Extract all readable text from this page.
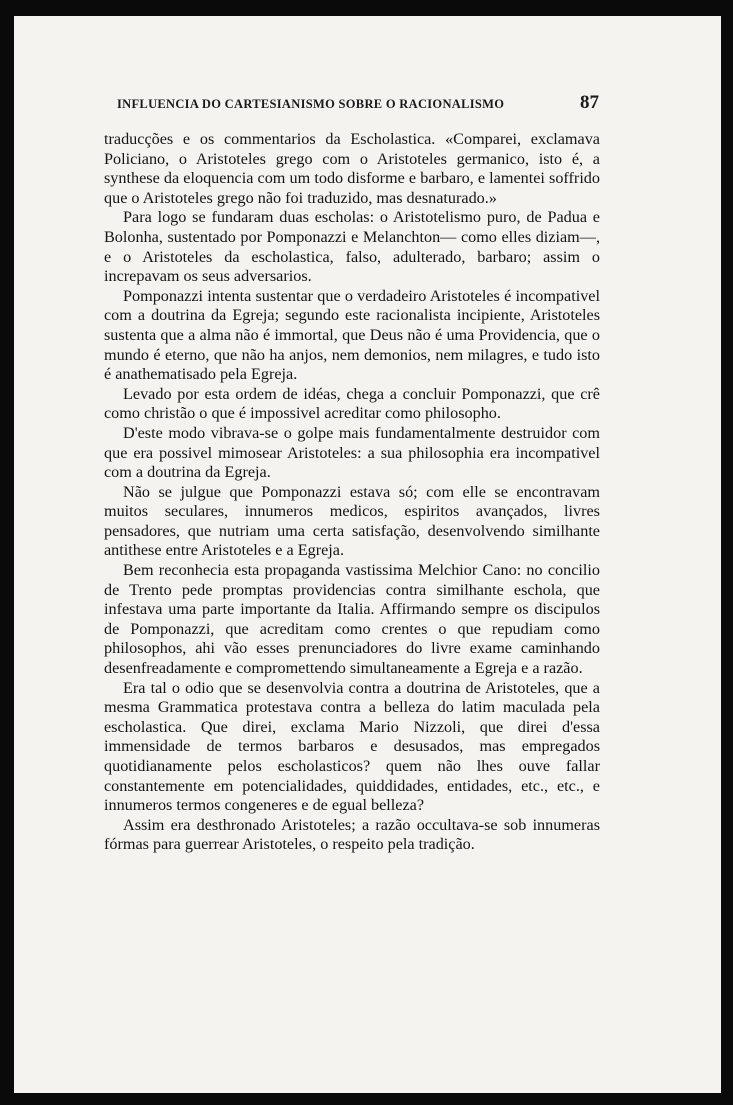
INFLUENCIA DO CARTESIANISMO SOBRE O RACIONALISMO	87

traducções e os commentarios da Escholastica. «Comparei, exclamava Policiano, o Aristoteles grego com o Aristoteles germanico, isto é, a synthese da eloquencia com um todo disforme e barbaro, e lamentei soffrido que o Aristoteles grego não foi traduzido, mas desnaturado.»

Para logo se fundaram duas escholas: o Aristotelismo puro, de Padua e Bolonha, sustentado por Pomponazzi e Melanchton— como elles diziam—, e o Aristoteles da escholastica, falso, adulterado, barbaro; assim o increpavam os seus adversarios.

Pomponazzi intenta sustentar que o verdadeiro Aristoteles é incompativel com a doutrina da Egreja; segundo este racionalista incipiente, Aristoteles sustenta que a alma não é immortal, que Deus não é uma Providencia, que o mundo é eterno, que não ha anjos, nem demonios, nem milagres, e tudo isto é anathematisado pela Egreja.

Levado por esta ordem de idéas, chega a concluir Pomponazzi, que crê como christão o que é impossivel acreditar como philosopho.

D'este modo vibrava-se o golpe mais fundamentalmente destruidor com que era possivel mimosear Aristoteles: a sua philosophia era incompativel com a doutrina da Egreja.

Não se julgue que Pomponazzi estava só; com elle se encontravam muitos seculares, innumeros medicos, espiritos avançados, livres pensadores, que nutriam uma certa satisfação, desenvolvendo similhante antithese entre Aristoteles e a Egreja.

Bem reconhecia esta propaganda vastissima Melchior Cano: no concilio de Trento pede promptas providencias contra similhante eschola, que infestava uma parte importante da Italia. Affirmando sempre os discipulos de Pomponazzi, que acreditam como crentes o que repudiam como philosophos, ahi vão esses prenunciadores do livre exame caminhando desenfreadamente e compromettendo simultaneamente a Egreja e a razão.

Era tal o odio que se desenvolvia contra a doutrina de Aristoteles, que a mesma Grammatica protestava contra a belleza do latim maculada pela escholastica. Que direi, exclama Mario Nizzoli, que direi d'essa immensidade de termos barbaros e desusados, mas empregados quotidianamente pelos escholasticos? quem não lhes ouve fallar constantemente em potencialidades, quiddidades, entidades, etc., etc., e innumeros termos congeneres e de egual belleza?

Assim era desthronado Aristoteles; a razão occultava-se sob innumeras fórmas para guerrear Aristoteles, o respeito pela tradição.
